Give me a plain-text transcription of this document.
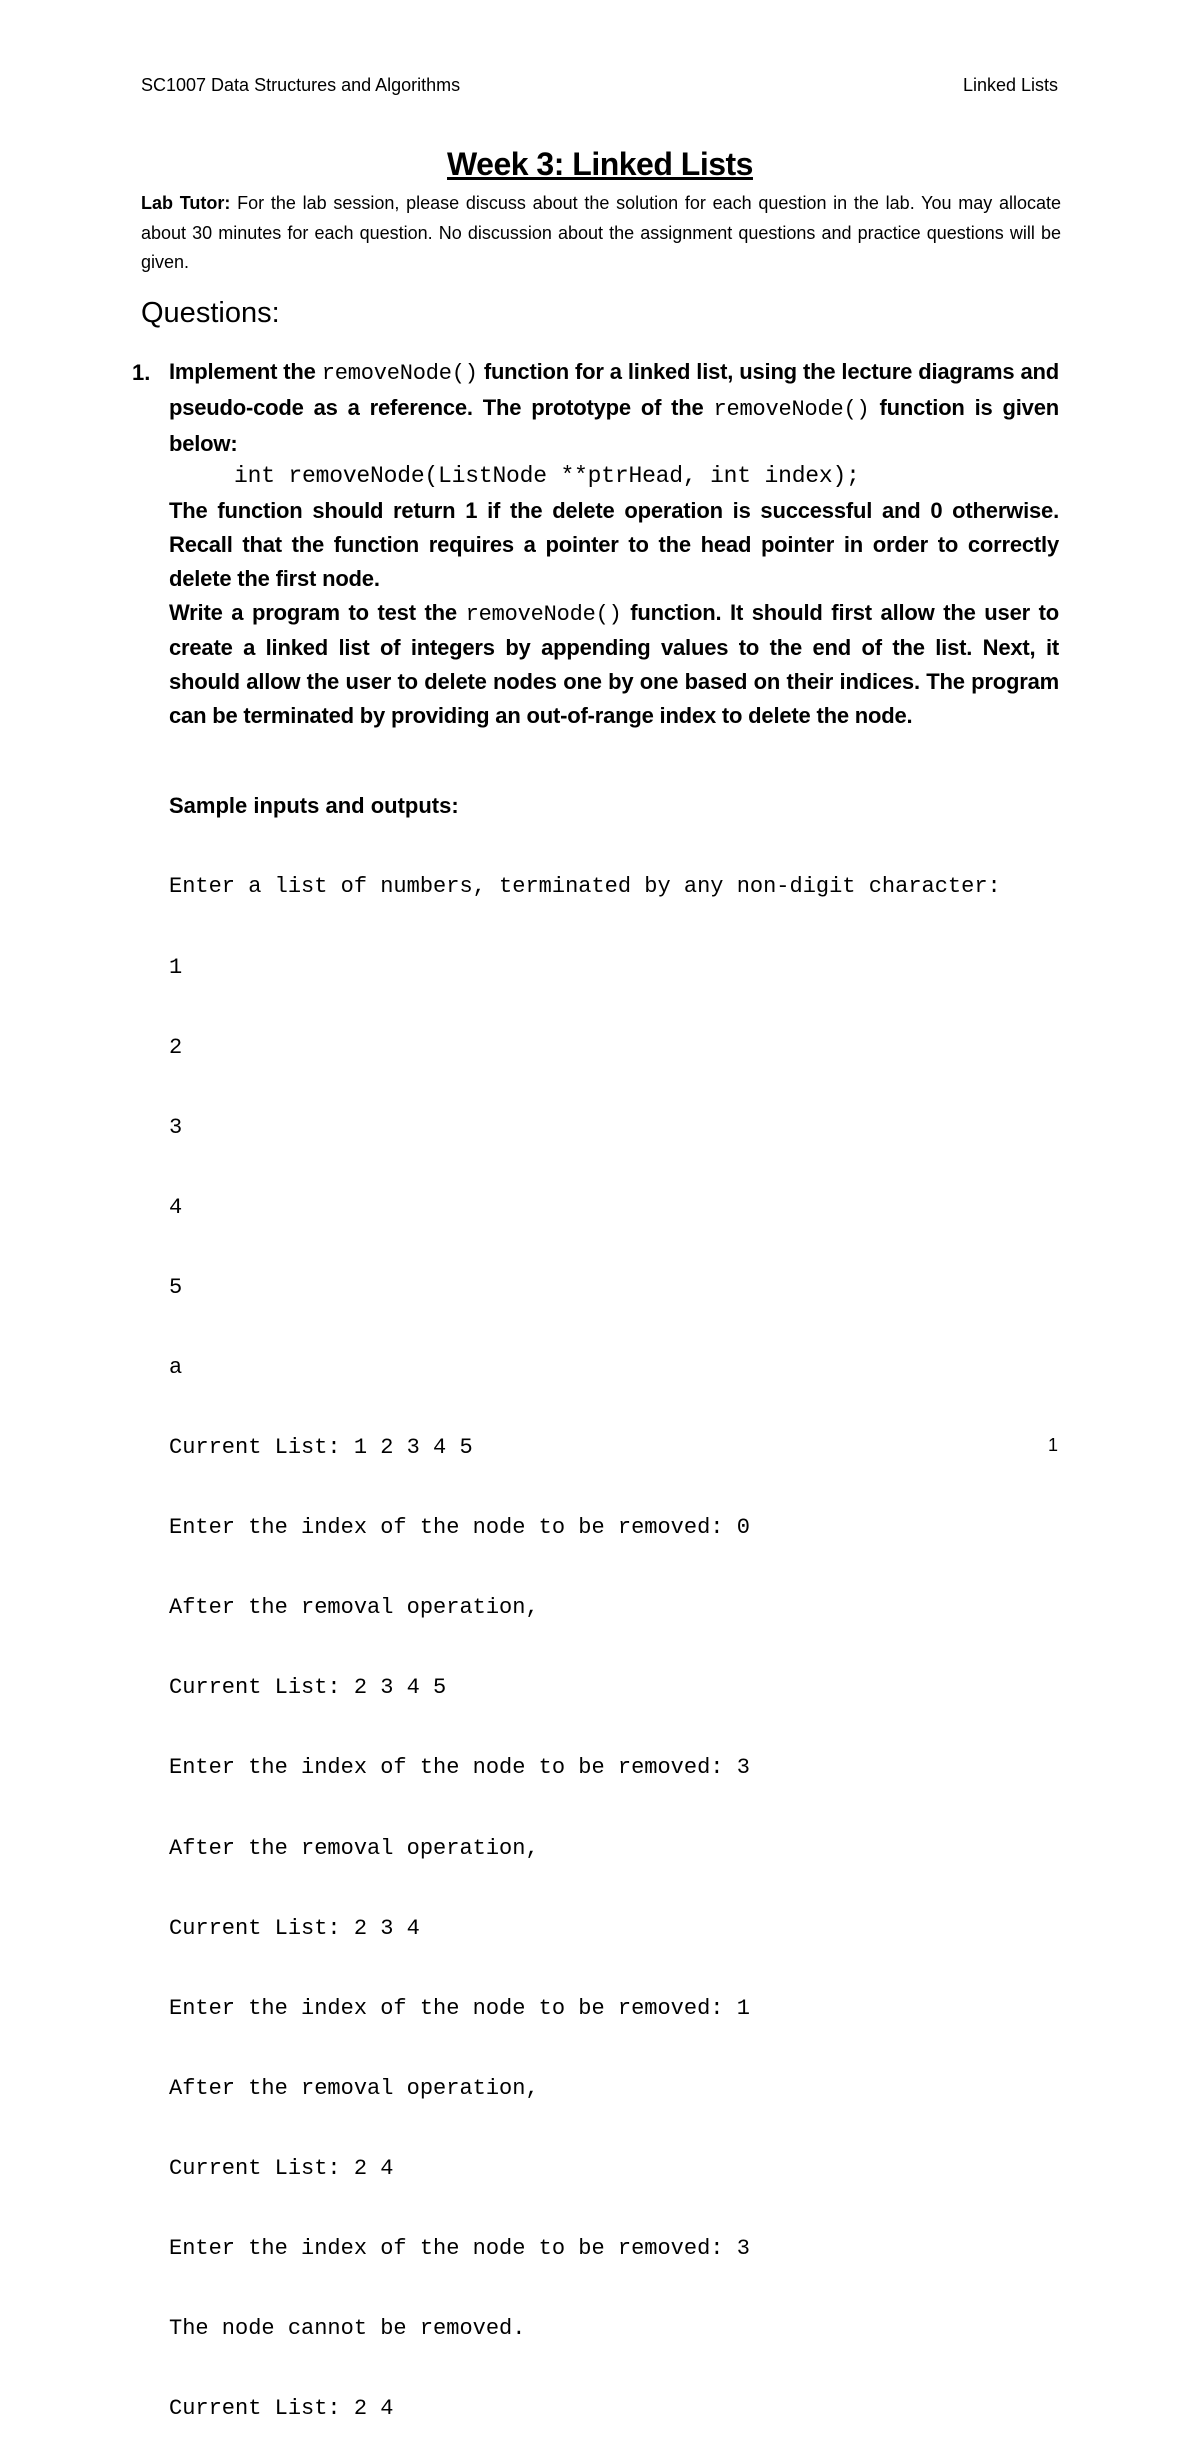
SC1007 Data Structures and Algorithms	Linked Lists
Week 3: Linked Lists
Lab Tutor: For the lab session, please discuss about the solution for each question in the lab. You may allocate about 30 minutes for each question. No discussion about the assignment questions and practice questions will be given.
Questions:
1. Implement the removeNode() function for a linked list, using the lecture diagrams and pseudo-code as a reference. The prototype of the removeNode() function is given below:

int removeNode(ListNode **ptrHead, int index);

The function should return 1 if the delete operation is successful and 0 otherwise. Recall that the function requires a pointer to the head pointer in order to correctly delete the first node.

Write a program to test the removeNode() function. It should first allow the user to create a linked list of integers by appending values to the end of the list. Next, it should allow the user to delete nodes one by one based on their indices. The program can be terminated by providing an out-of-range index to delete the node.

Sample inputs and outputs:

Enter a list of numbers, terminated by any non-digit character:

1

2

3

4

5

a

Current List: 1 2 3 4 5

Enter the index of the node to be removed: 0

After the removal operation,

Current List: 2 3 4 5

Enter the index of the node to be removed: 3

After the removal operation,

Current List: 2 3 4

Enter the index of the node to be removed: 1

After the removal operation,

Current List: 2 4

Enter the index of the node to be removed: 3

The node cannot be removed.

Current List: 2 4

1
